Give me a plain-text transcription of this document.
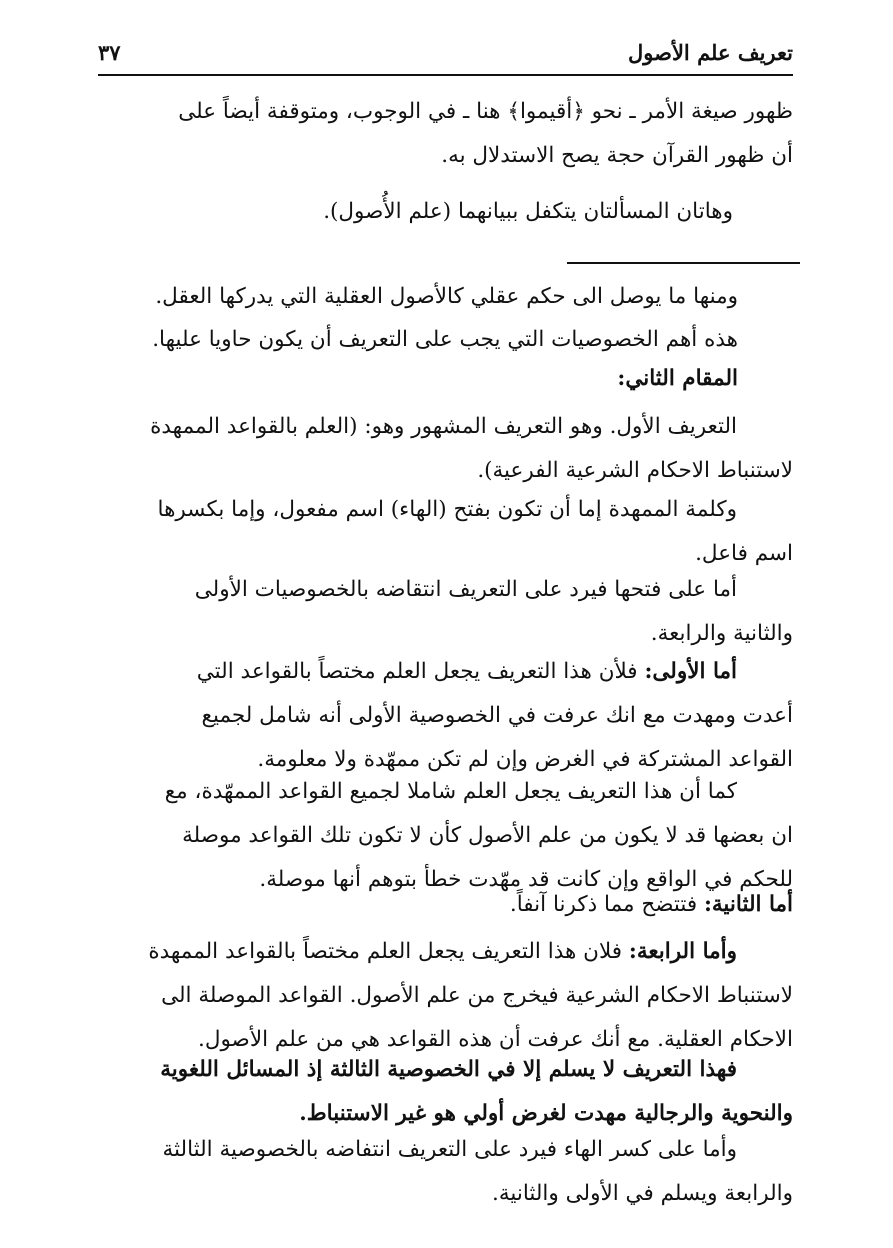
تعريف علم الأصول
٣٧

ظهور صيغة الأمر ـ نحو ﴿أقيموا﴾ هنا ـ في الوجوب، ومتوقفة أيضاً على
أن ظهور القرآن حجة يصح الاستدلال به.

وهاتان المسألتان يتكفل ببيانهما (علم الأُصول).

ومنها ما يوصل الى حكم عقلي كالأصول العقلية التي يدركها العقل.

هذه أهم الخصوصيات التي يجب على التعريف أن يكون حاويا عليها.

المقام الثاني:

التعريف الأول. وهو التعريف المشهور وهو: (العلم بالقواعد الممهدة
لاستنباط الاحكام الشرعية الفرعية).

وكلمة الممهدة إما أن تكون بفتح (الهاء) اسم مفعول، وإما بكسرها
اسم فاعل.

أما على فتحها فيرد على التعريف انتقاضه بالخصوصيات الأولى
والثانية والرابعة.

أما الأولى: فلأن هذا التعريف يجعل العلم مختصاً بالقواعد التي
أعدت ومهدت مع انك عرفت في الخصوصية الأولى أنه شامل لجميع
القواعد المشتركة في الغرض وإن لم تكن ممهّدة ولا معلومة.

كما أن هذا التعريف يجعل العلم شاملا لجميع القواعد الممهّدة، مع
ان بعضها قد لا يكون من علم الأصول كأن لا تكون تلك القواعد موصلة
للحكم في الواقع وإن كانت قد مهّدت خطأ بتوهم أنها موصلة.

أما الثانية: فتتضح مما ذكرنا آنفاً.

وأما الرابعة: فلان هذا التعريف يجعل العلم مختصاً بالقواعد الممهدة
لاستنباط الاحكام الشرعية فيخرج من علم الأصول. القواعد الموصلة الى
الاحكام العقلية. مع أنك عرفت أن هذه القواعد هي من علم الأصول.

فهذا التعريف لا يسلم إلا في الخصوصية الثالثة إذ المسائل اللغوية
والنحوية والرجالية مهدت لغرض أولي هو غير الاستنباط.

وأما على كسر الهاء فيرد على التعريف انتفاضه بالخصوصية الثالثة
والرابعة ويسلم في الأولى والثانية.
